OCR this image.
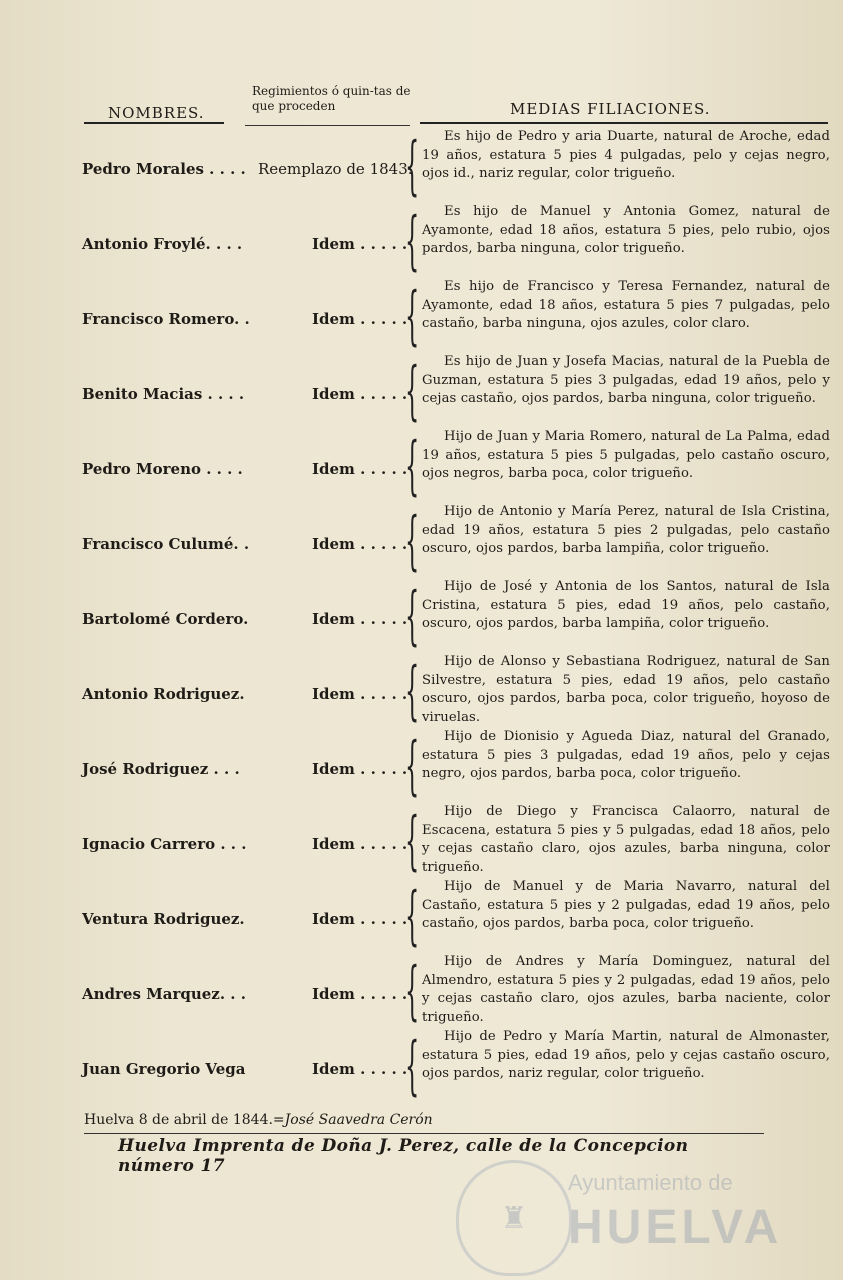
NOMBRES.
Regimientos ó quin-tas de que proceden	MEDIAS FILIACIONES.
Pedro Morales . . . . Reemplazo de 1843.
{	Es hijo de Pedro y aria Duarte, natural de Aroche, edad 19 años, estatura 5 pies 4 pulgadas, pelo y cejas negro, ojos id., nariz regular, color trigueño.
Antonio Froylé. . . .	Idem . . . . .
{	Es hijo de Manuel y Antonia Gomez, natural de Ayamonte, edad 18 años, estatura 5 pies, pelo rubio, ojos pardos, barba ninguna, color trigueño.
Francisco Romero. .	Idem . . . . .
{	Es hijo de Francisco y Teresa Fernandez, natural de Ayamonte, edad 18 años, estatura 5 pies 7 pulgadas, pelo castaño, barba ninguna, ojos azules, color claro.
Benito Macias . . . .	Idem . . . . .
{	Es hijo de Juan y Josefa Macias, natural de la Puebla de Guzman, estatura 5 pies 3 pulgadas, edad 19 años, pelo y cejas castaño, ojos pardos, barba ninguna, color trigueño.
Pedro Moreno . . . .	Idem . . . . .
{	Hijo de Juan y Maria Romero, natural de La Palma, edad 19 años, estatura 5 pies 5 pulgadas, pelo castaño oscuro, ojos negros, barba poca, color trigueño.
Francisco Culumé. .	Idem . . . . .
{	Hijo de Antonio y María Perez, natural de Isla Cristina, edad 19 años, estatura 5 pies 2 pulgadas, pelo castaño oscuro, ojos pardos, barba lampiña, color trigueño.
Bartolomé Cordero.	Idem . . . . .
{	Hijo de José y Antonia de los Santos, natural de Isla Cristina, estatura 5 pies, edad 19 años, pelo castaño, oscuro, ojos pardos, barba lampiña, color trigueño.
Antonio Rodriguez.	Idem . . . . .
{	Hijo de Alonso y Sebastiana Rodriguez, natural de San Silvestre, estatura 5 pies, edad 19 años, pelo castaño oscuro, ojos pardos, barba poca, color trigueño, hoyoso de viruelas.
José Rodriguez . . .	Idem . . . . .
{	Hijo de Dionisio y Agueda Diaz, natural del Granado, estatura 5 pies 3 pulgadas, edad 19 años, pelo y cejas negro, ojos pardos, barba poca, color trigueño.
Ignacio Carrero . . .	Idem . . . . .
{	Hijo de Diego y Francisca Calaorro, natural de Escacena, estatura 5 pies y 5 pulgadas, edad 18 años, pelo y cejas castaño claro, ojos azules, barba ninguna, color trigueño.
Ventura Rodriguez.	Idem . . . . .
{	Hijo de Manuel y de Maria Navarro, natural del Castaño, estatura 5 pies y 2 pulgadas, edad 19 años, pelo castaño, ojos pardos, barba poca, color trigueño.
Andres Marquez. . .	Idem . . . . .
{	Hijo de Andres y María Dominguez, natural del Almendro, estatura 5 pies y 2 pulgadas, edad 19 años, pelo y cejas castaño claro, ojos azules, barba naciente, color trigueño.
Juan Gregorio Vega	Idem . . . . .
{	Hijo de Pedro y María Martin, natural de Almonaster, estatura 5 pies, edad 19 años, pelo y cejas castaño oscuro, ojos pardos, nariz regular, color trigueño.
Huelva 8 de abril de 1844.=José Saavedra Cerón
Huelva Imprenta de Doña J. Perez, calle de la Concepcion número 17
♜
Ayuntamiento de
HUELVA
